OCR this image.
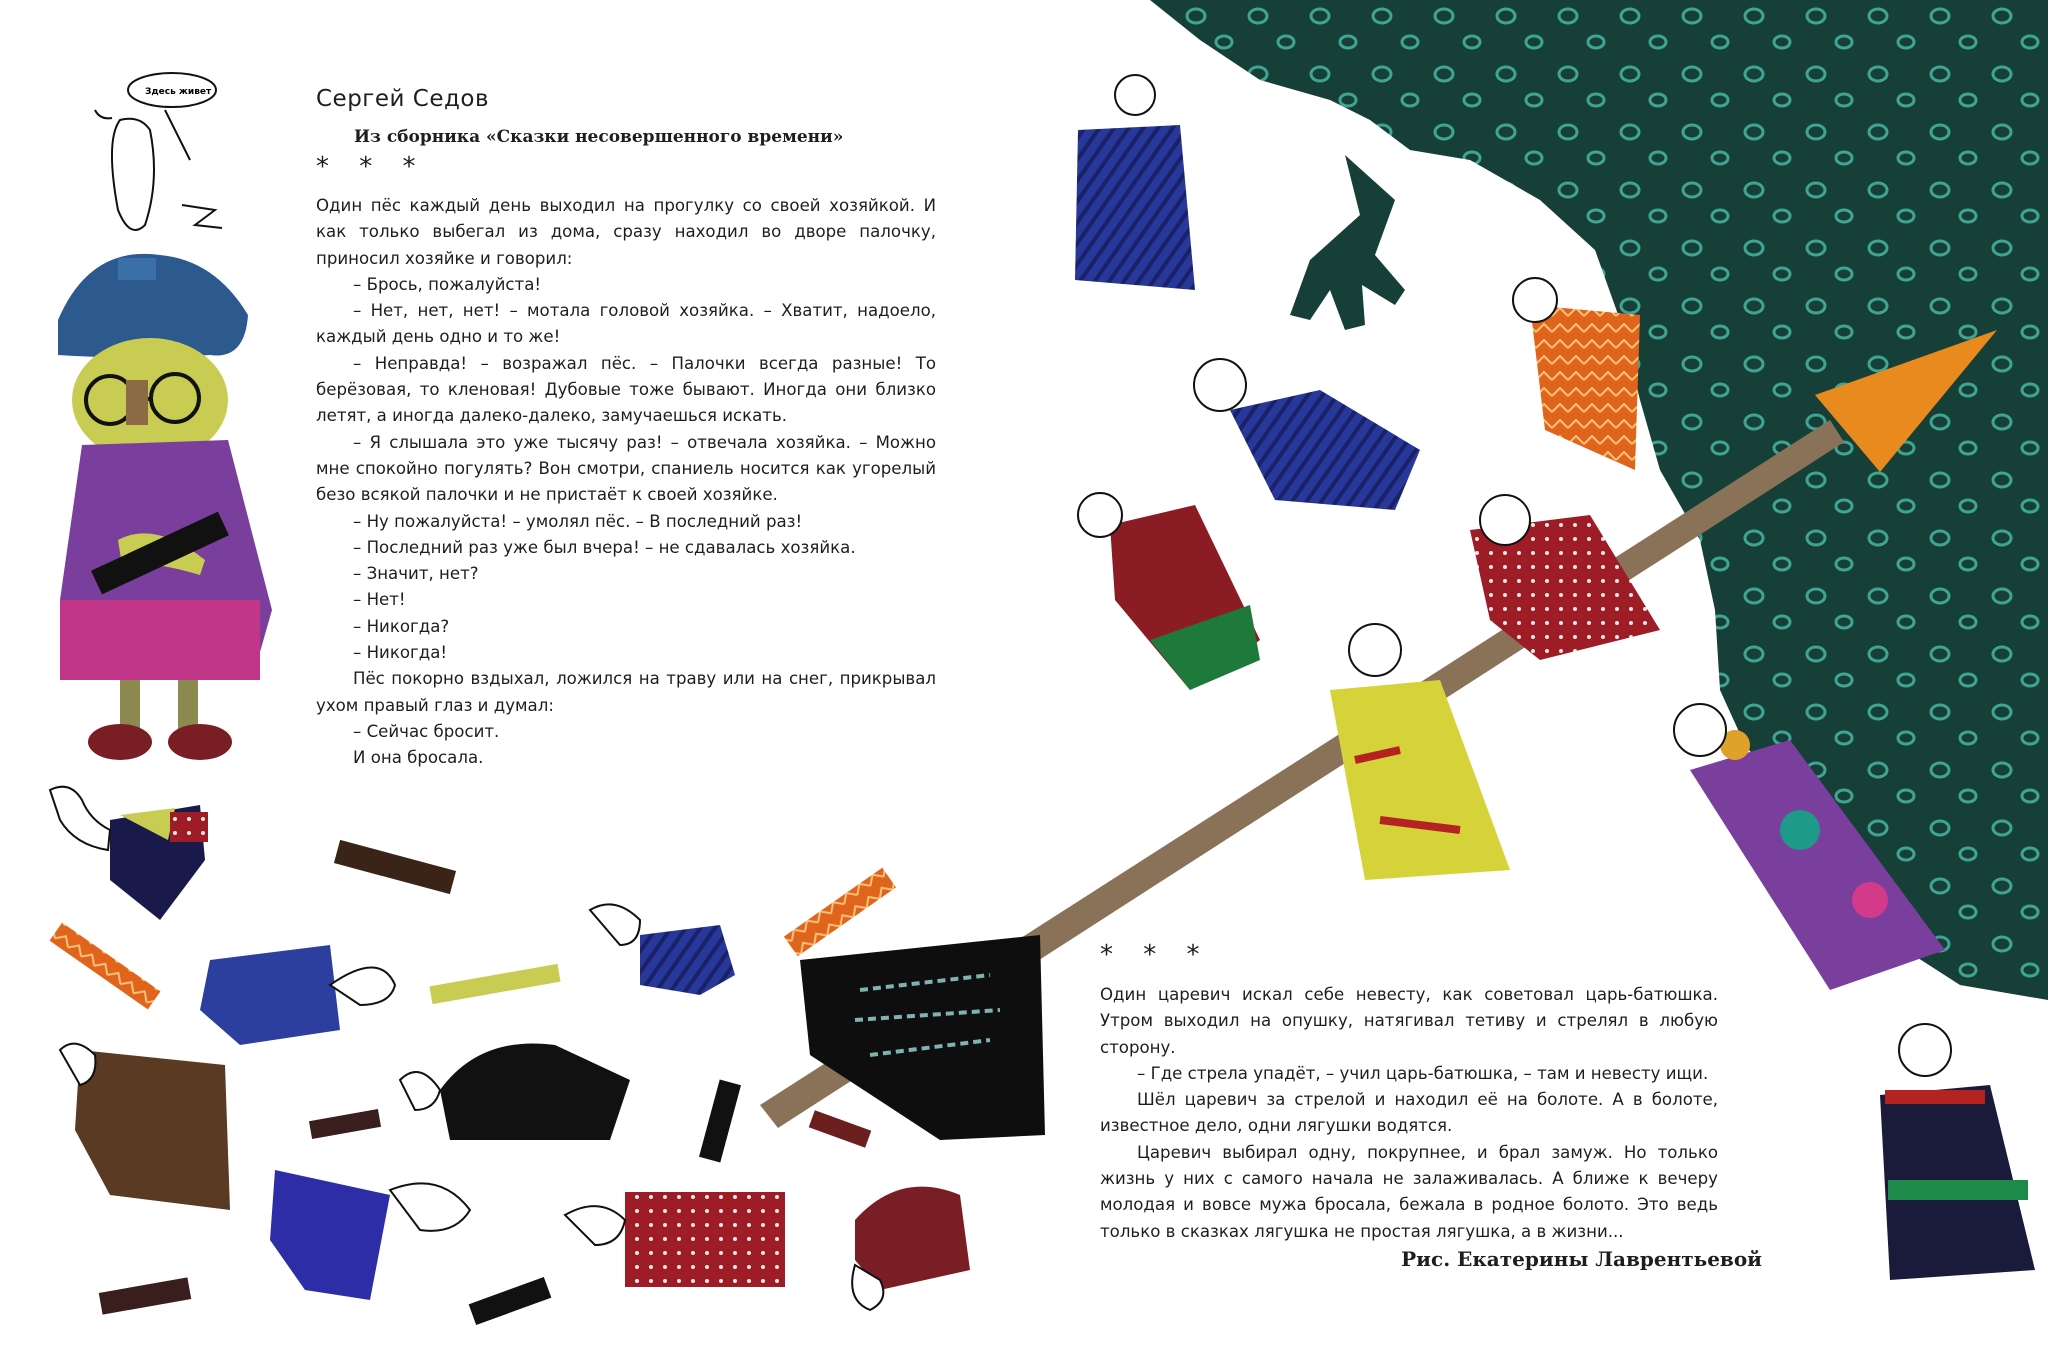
Здесь живет	Сергей Седов
Из сборника «Сказки несовершенного времени»
* * *

Один пёс каждый день выходил на прогулку со своей хозяйкой. И как только выбегал из дома, сразу находил во дворе палочку, приносил хозяйке и говорил:

– Брось, пожалуйста!

– Нет, нет, нет! – мотала головой хозяйка. – Хватит, надоело, каждый день одно и то же!

– Неправда! – возражал пёс. – Палочки всегда разные! То берёзовая, то кленовая! Дубовые тоже бывают. Иногда они близко летят, а иногда далеко-далеко, замучаешься искать.

– Я слышала это уже тысячу раз! – отвечала хозяйка. – Можно мне спокойно погулять? Вон смотри, спаниель носится как угорелый безо всякой палочки и не пристаёт к своей хозяйке.

– Ну пожалуйста! – умолял пёс. – В последний раз!

– Последний раз уже был вчера! – не сдавалась хозяйка.

– Значит, нет?

– Нет!

– Никогда?

– Никогда!

Пёс покорно вздыхал, ложился на траву или на снег, прикрывал ухом правый глаз и думал:

– Сейчас бросит.

И она бросала.

* * *

Один царевич искал себе невесту, как советовал царь-батюшка. Утром выходил на опушку, натягивал тетиву и стрелял в любую сторону.

– Где стрела упадёт, – учил царь-батюшка, – там и невесту ищи.

Шёл царевич за стрелой и находил её на болоте. А в болоте, известное дело, одни лягушки водятся.

Царевич выбирал одну, покрупнее, и брал замуж. Но только жизнь у них с самого начала не залаживалась. А ближе к вечеру молодая и вовсе мужа бросала, бежала в родное болото. Это ведь только в сказках лягушка не простая лягушка, а в жизни...

Рис. Екатерины Лаврентьевой
